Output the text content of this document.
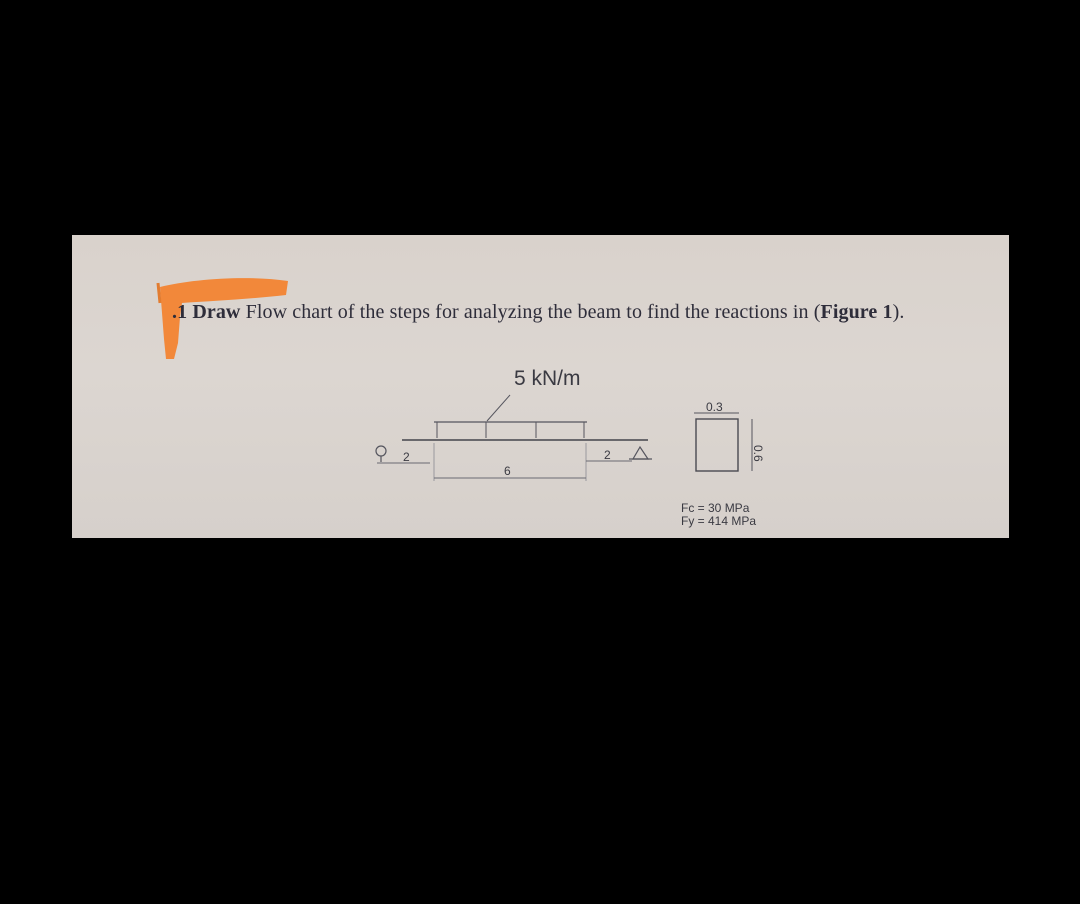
.1 Draw Flow chart of the steps for analyzing the beam to find the reactions in (Figure 1).
5 kN/m
2
6
2
0.3
0.6
Fc = 30 MPa
Fy = 414 MPa
